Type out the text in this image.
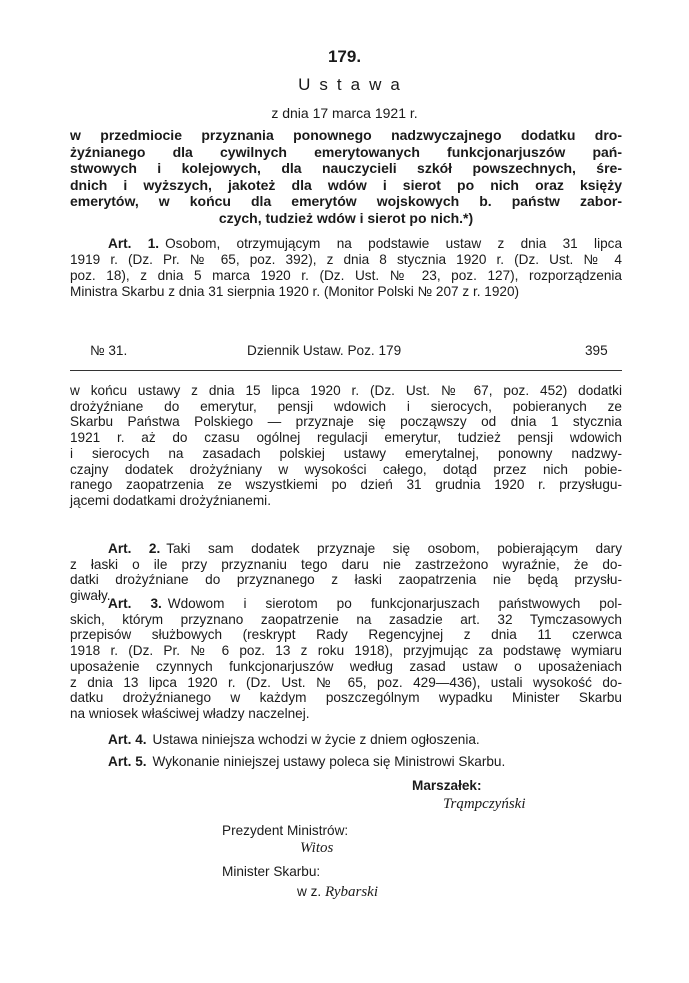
179.
Ustawa
z dnia 17 marca 1921 r.
w przedmiocie przyznania ponownego nadzwyczajnego dodatku dro-
żyźnianego dla cywilnych emerytowanych funkcjonarjuszów pań-
stwowych i kolejowych, dla nauczycieli szkół powszechnych, śre-
dnich i wyższych, jakoteż dla wdów i sierot po nich oraz księży
emerytów, w końcu dla emerytów wojskowych b. państw zabor-
czych, tudzież wdów i sierot po nich.*)
Art. 1. Osobom, otrzymującym na podstawie ustaw z dnia 31 lipca
1919 r. (Dz. Pr. № 65, poz. 392), z dnia 8 stycznia 1920 r. (Dz. Ust. № 4
poz. 18), z dnia 5 marca 1920 r. (Dz. Ust. № 23, poz. 127), rozporządzenia
Ministra Skarbu z dnia 31 sierpnia 1920 r. (Monitor Polski № 207 z r. 1920)
№ 31.	Dziennik Ustaw. Poz. 179	395
w końcu ustawy z dnia 15 lipca 1920 r. (Dz. Ust. № 67, poz. 452) dodatki
drożyźniane do emerytur, pensji wdowich i sierocych, pobieranych ze
Skarbu Państwa Polskiego — przyznaje się począwszy od dnia 1 stycznia
1921 r. aż do czasu ogólnej regulacji emerytur, tudzież pensji wdowich
i sierocych na zasadach polskiej ustawy emerytalnej, ponowny nadzwy-
czajny dodatek drożyźniany w wysokości całego, dotąd przez nich pobie-
ranego zaopatrzenia ze wszystkiemi po dzień 31 grudnia 1920 r. przysługu-
jącemi dodatkami drożyźnianemi.
Art. 2. Taki sam dodatek przyznaje się osobom, pobierającym dary
z łaski o ile przy przyznaniu tego daru nie zastrzeżono wyraźnie, że do-
datki drożyźniane do przyznanego z łaski zaopatrzenia nie będą przysłu-
giwały.
Art. 3. Wdowom i sierotom po funkcjonarjuszach państwowych pol-
skich, którym przyznano zaopatrzenie na zasadzie art. 32 Tymczasowych
przepisów służbowych (reskrypt Rady Regencyjnej z dnia 11 czerwca
1918 r. (Dz. Pr. № 6 poz. 13 z roku 1918), przyjmując za podstawę wymiaru
uposażenie czynnych funkcjonarjuszów według zasad ustaw o uposażeniach
z dnia 13 lipca 1920 r. (Dz. Ust. № 65, poz. 429—436), ustali wysokość do-
datku drożyźnianego w każdym poszczególnym wypadku Minister Skarbu
na wniosek właściwej władzy naczelnej.
Art. 4. Ustawa niniejsza wchodzi w życie z dniem ogłoszenia.
Art. 5. Wykonanie niniejszej ustawy poleca się Ministrowi Skarbu.
Marszałek:
Trąmpczyński
Prezydent Ministrów:
Witos
Minister Skarbu:
w z. Rybarski
